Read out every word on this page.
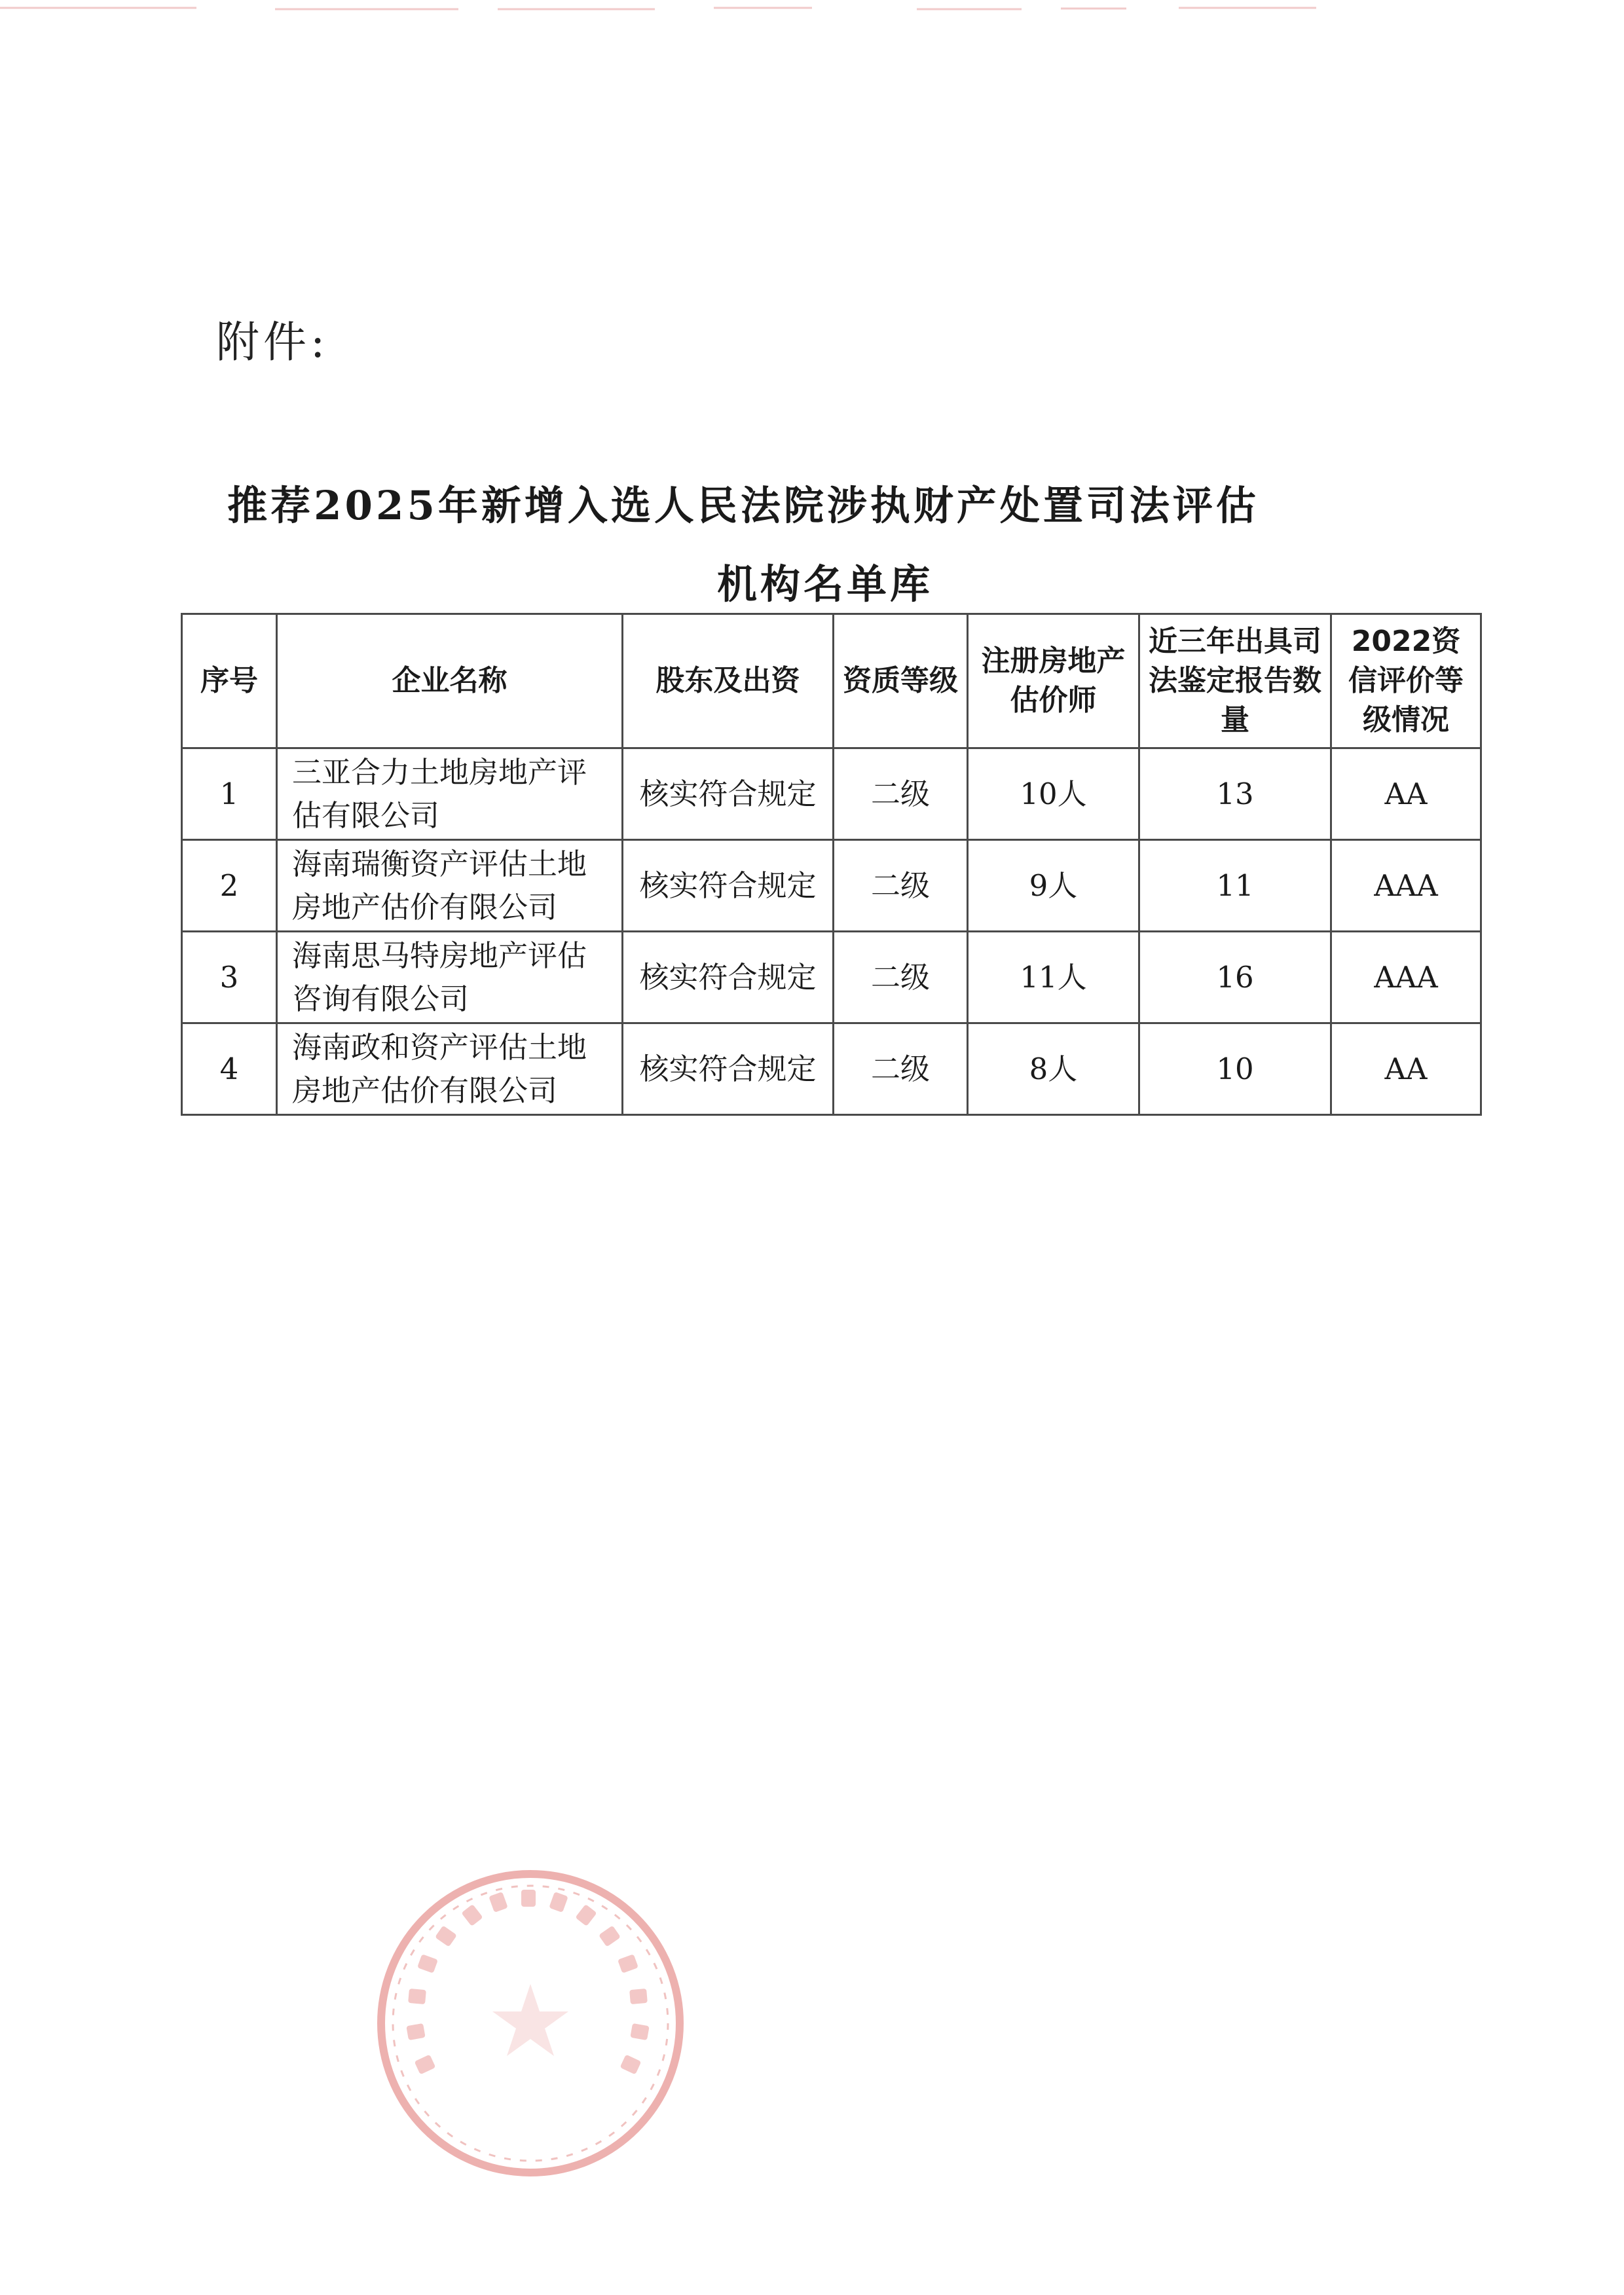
附件:
推荐2025年新增入选人民法院涉执财产处置司法评估
机构名单库
序号	企业名称	股东及出资	资质等级	注册房地产估价师	近三年出具司法鉴定报告数量	2022资信评价等级情况
1	三亚合力土地房地产评估有限公司	核实符合规定	二级	10人	13	AA
2	海南瑞衡资产评估土地房地产估价有限公司	核实符合规定	二级	9人	11	AAA
3	海南思马特房地产评估咨询有限公司	核实符合规定	二级	11人	16	AAA
4	海南政和资产评估土地房地产估价有限公司	核实符合规定	二级	8人	10	AA
